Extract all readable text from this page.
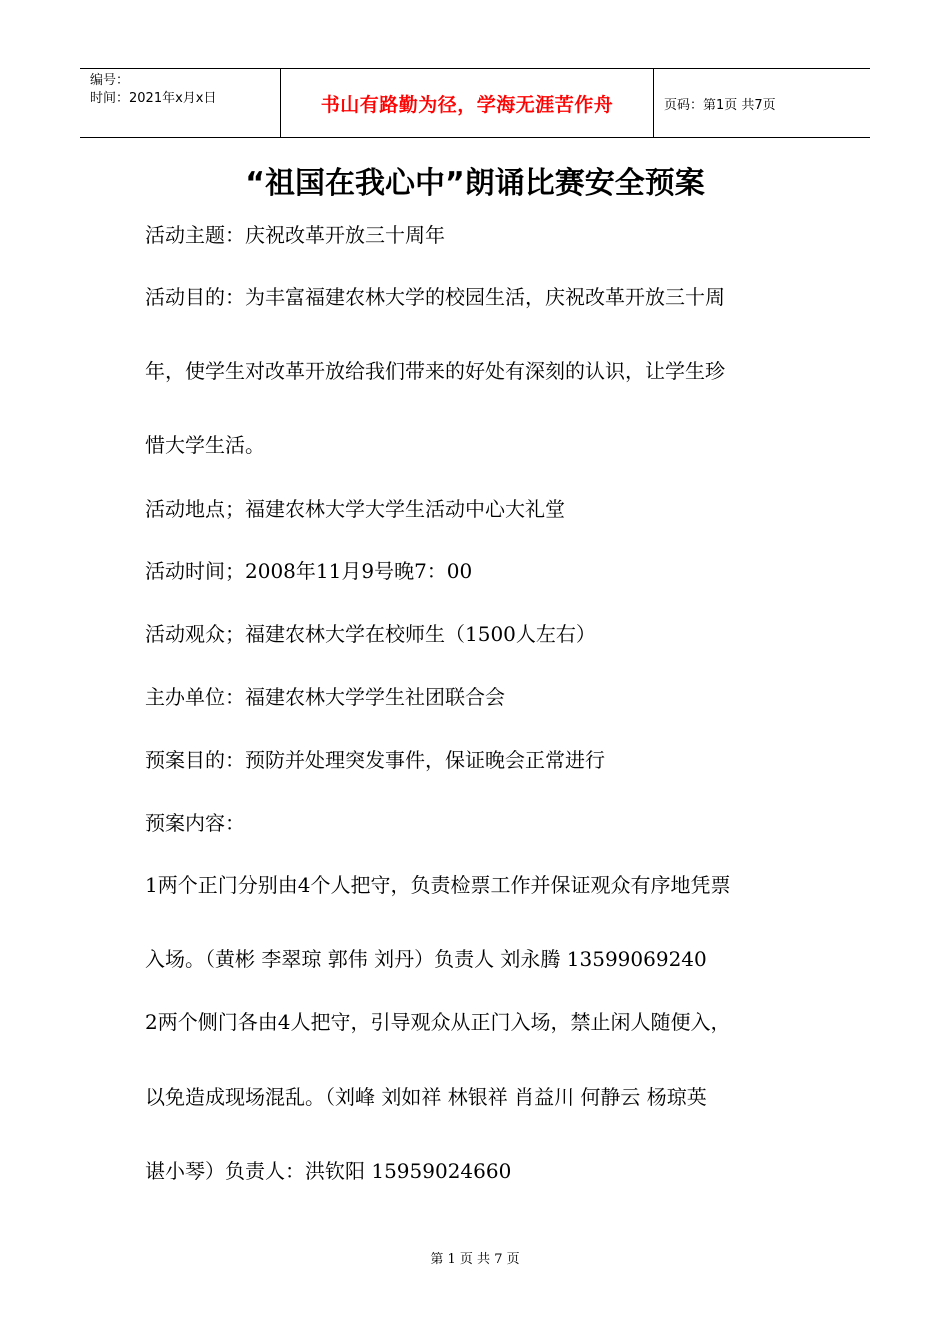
编号：
时间：2021年x月x日	书山有路勤为径，学海无涯苦作舟	页码：第1页 共7页
“祖国在我心中”朗诵比赛安全预案
活动主题：庆祝改革开放三十周年
活动目的：为丰富福建农林大学的校园生活，庆祝改革开放三十周
年，使学生对改革开放给我们带来的好处有深刻的认识，让学生珍
惜大学生活。
活动地点；福建农林大学大学生活动中心大礼堂
活动时间；2008年11月9号晚7：00
活动观众；福建农林大学在校师生（1500人左右）
主办单位：福建农林大学学生社团联合会
预案目的：预防并处理突发事件，保证晚会正常进行
预案内容：
1两个正门分别由4个人把守，负责检票工作并保证观众有序地凭票
入场。（黄彬 李翠琼 郭伟 刘丹）负责人 刘永腾 13599069240
2两个侧门各由4人把守，引导观众从正门入场，禁止闲人随便入，
以免造成现场混乱。（刘峰 刘如祥 林银祥 肖益川 何静云 杨琼英
谌小琴）负责人：洪钦阳 15959024660
第 1 页 共 7 页
